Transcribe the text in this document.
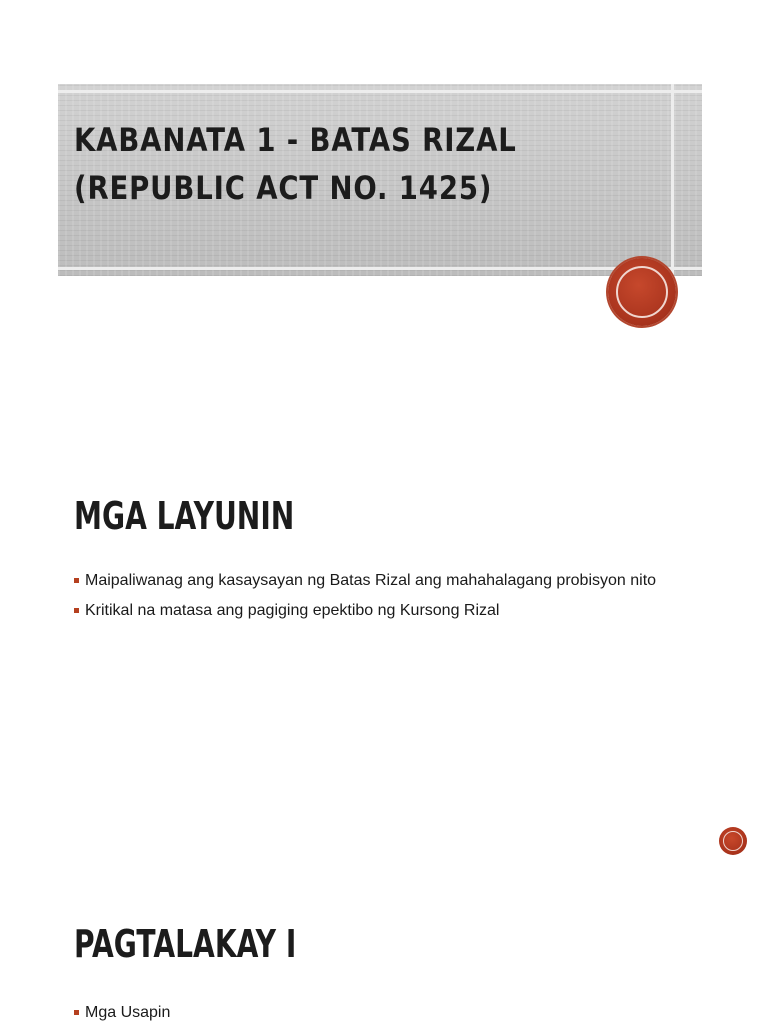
KABANATA 1 - BATAS RIZAL
(REPUBLIC ACT NO. 1425)
MGA LAYUNIN
Maipaliwanag ang kasaysayan ng Batas Rizal ang mahahalagang probisyon nito
Kritikal na matasa ang pagiging epektibo ng Kursong Rizal
PAGTALAKAY I
Mga Usapin
